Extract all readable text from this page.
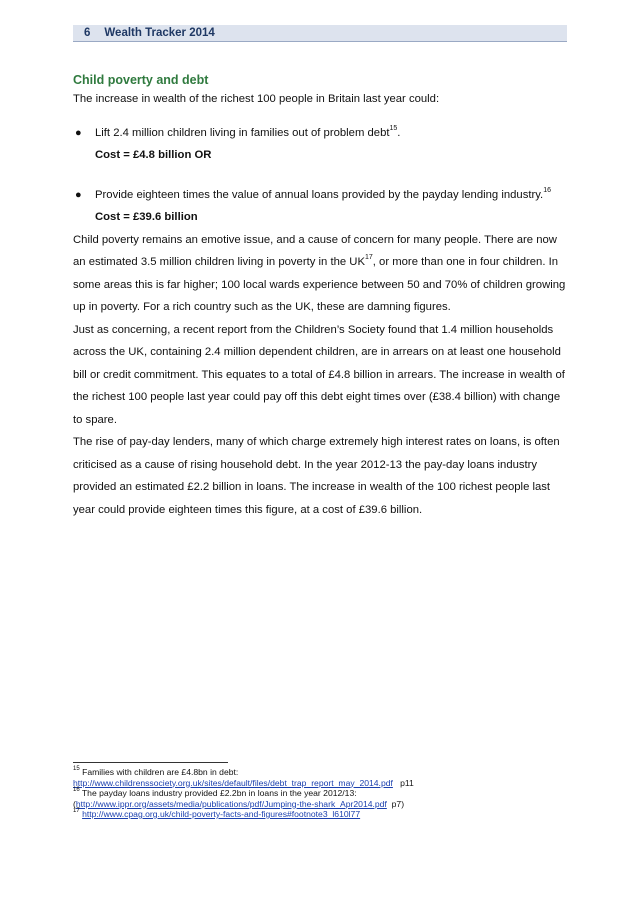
6 Wealth Tracker 2014
Child poverty and debt

The increase in wealth of the richest 100 people in Britain last year could:

● Lift 2.4 million children living in families out of problem debt$^{15}$.
Cost = £4.8 billion OR
● Provide eighteen times the value of annual loans provided by the payday lending industry.$^{16}$ Cost = £39.6 billion

Child poverty remains an emotive issue, and a cause of concern for many people. There are now an estimated 3.5 million children living in poverty in the UK$^{17}$, or more than one in four children. In some areas this is far higher; 100 local wards experience between 50 and 70% of children growing up in poverty. For a rich country such as the UK, these are damning figures.

Just as concerning, a recent report from the Children’s Society found that 1.4 million households across the UK, containing 2.4 million dependent children, are in arrears on at least one household bill or credit commitment. This equates to a total of £4.8 billion in arrears. The increase in wealth of the richest 100 people last year could pay off this debt eight times over (£38.4 billion) with change to spare.

The rise of pay-day lenders, many of which charge extremely high interest rates on loans, is often criticised as a cause of rising household debt. In the year 2012-13 the pay-day loans industry provided an estimated £2.2 billion in loans. The increase in wealth of the 100 richest people last year could provide eighteen times this figure, at a cost of £39.6 billion.

$^{15}$ Families with children are £4.8bn in debt:
http://www.childrenssociety.org.uk/sites/default/files/debt_trap_report_may_2014.pdf   p11
$^{16}$ The payday loans industry provided £2.2bn in loans in the year 2012/13:
(http://www.ippr.org/assets/media/publications/pdf/Jumping-the-shark_Apr2014.pdf  p7)
$^{17}$ http://www.cpag.org.uk/child-poverty-facts-and-figures#footnote3_l610l77
